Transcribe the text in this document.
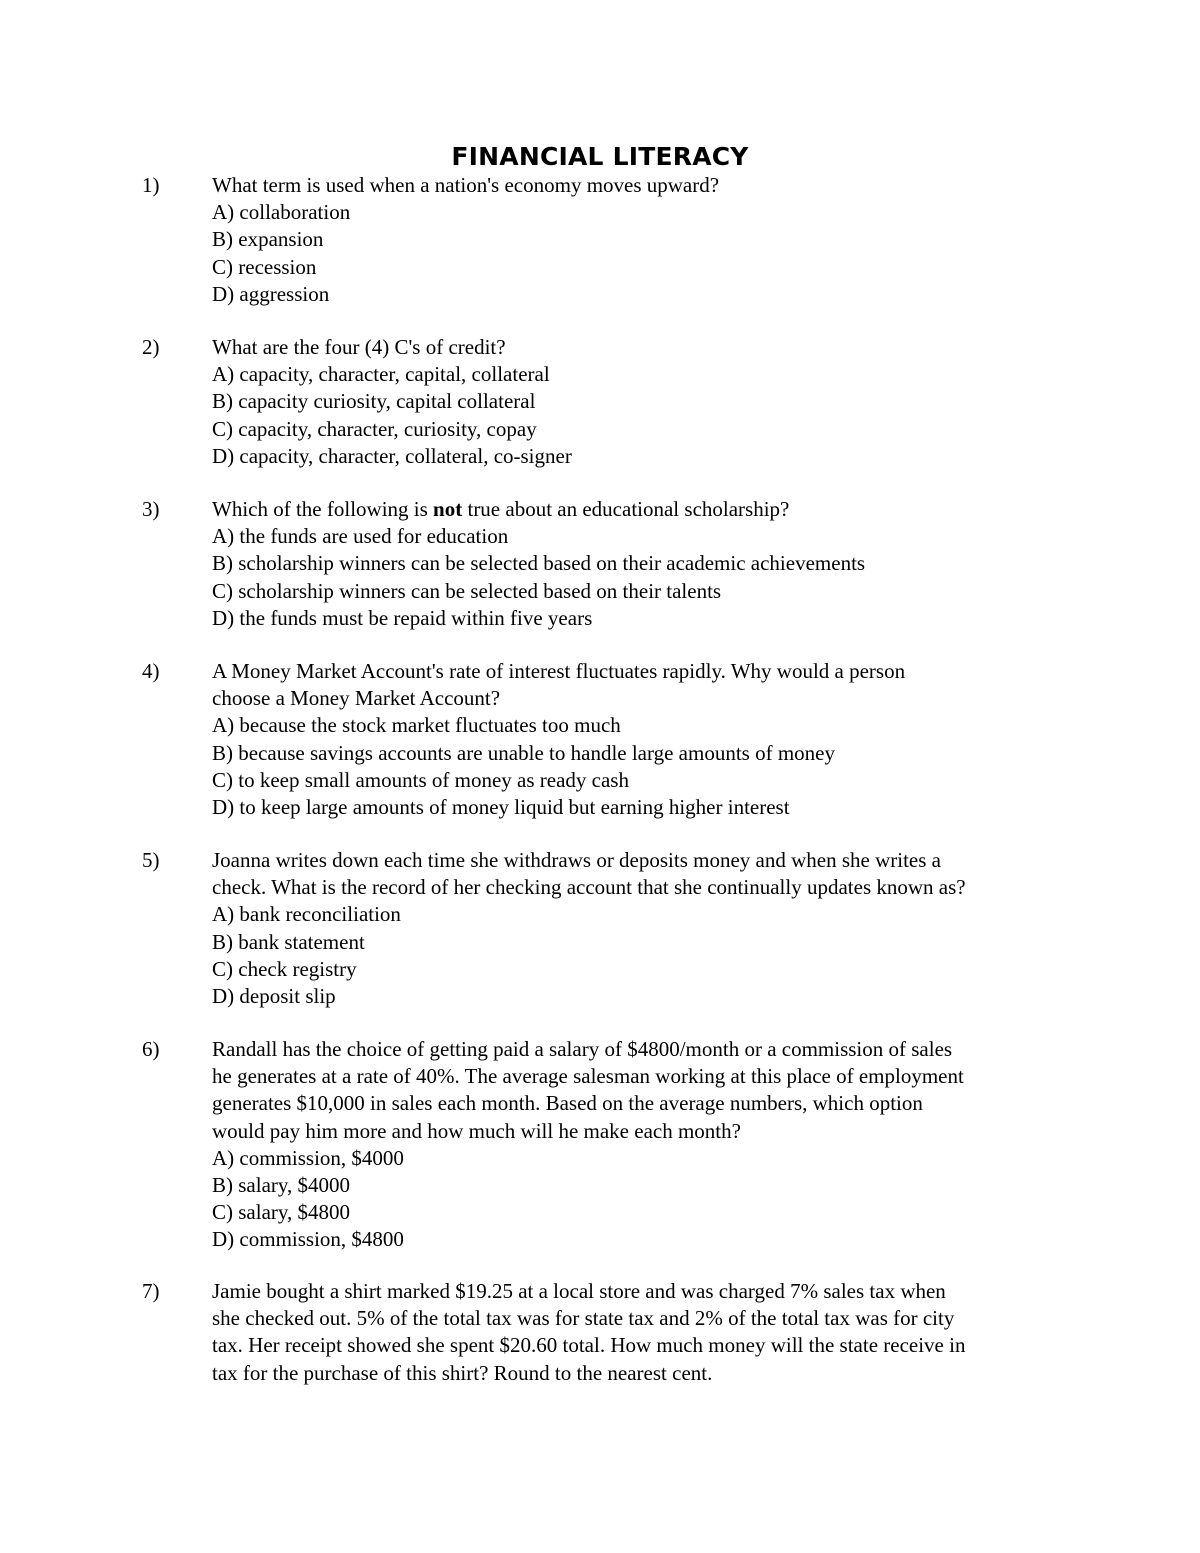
FINANCIAL LITERACY
1)	What term is used when a nation's economy moves upward?
A) collaboration
B) expansion
C) recession
D) aggression
2)	What are the four (4) C's of credit?
A) capacity, character, capital, collateral
B) capacity curiosity, capital collateral
C) capacity, character, curiosity, copay
D) capacity, character, collateral, co-signer
3)	Which of the following is not true about an educational scholarship?
A) the funds are used for education
B) scholarship winners can be selected based on their academic achievements
C) scholarship winners can be selected based on their talents
D) the funds must be repaid within five years
4)	A Money Market Account's rate of interest fluctuates rapidly. Why would a person
choose a Money Market Account?
A) because the stock market fluctuates too much
B) because savings accounts are unable to handle large amounts of money
C) to keep small amounts of money as ready cash
D) to keep large amounts of money liquid but earning higher interest
5)	Joanna writes down each time she withdraws or deposits money and when she writes a
check. What is the record of her checking account that she continually updates known as?
A) bank reconciliation
B) bank statement
C) check registry
D) deposit slip
6)	Randall has the choice of getting paid a salary of $4800/month or a commission of sales
he generates at a rate of 40%. The average salesman working at this place of employment
generates $10,000 in sales each month. Based on the average numbers, which option
would pay him more and how much will he make each month?
A) commission, $4000
B) salary, $4000
C) salary, $4800
D) commission, $4800
7)	Jamie bought a shirt marked $19.25 at a local store and was charged 7% sales tax when
she checked out. 5% of the total tax was for state tax and 2% of the total tax was for city
tax. Her receipt showed she spent $20.60 total. How much money will the state receive in
tax for the purchase of this shirt? Round to the nearest cent.
